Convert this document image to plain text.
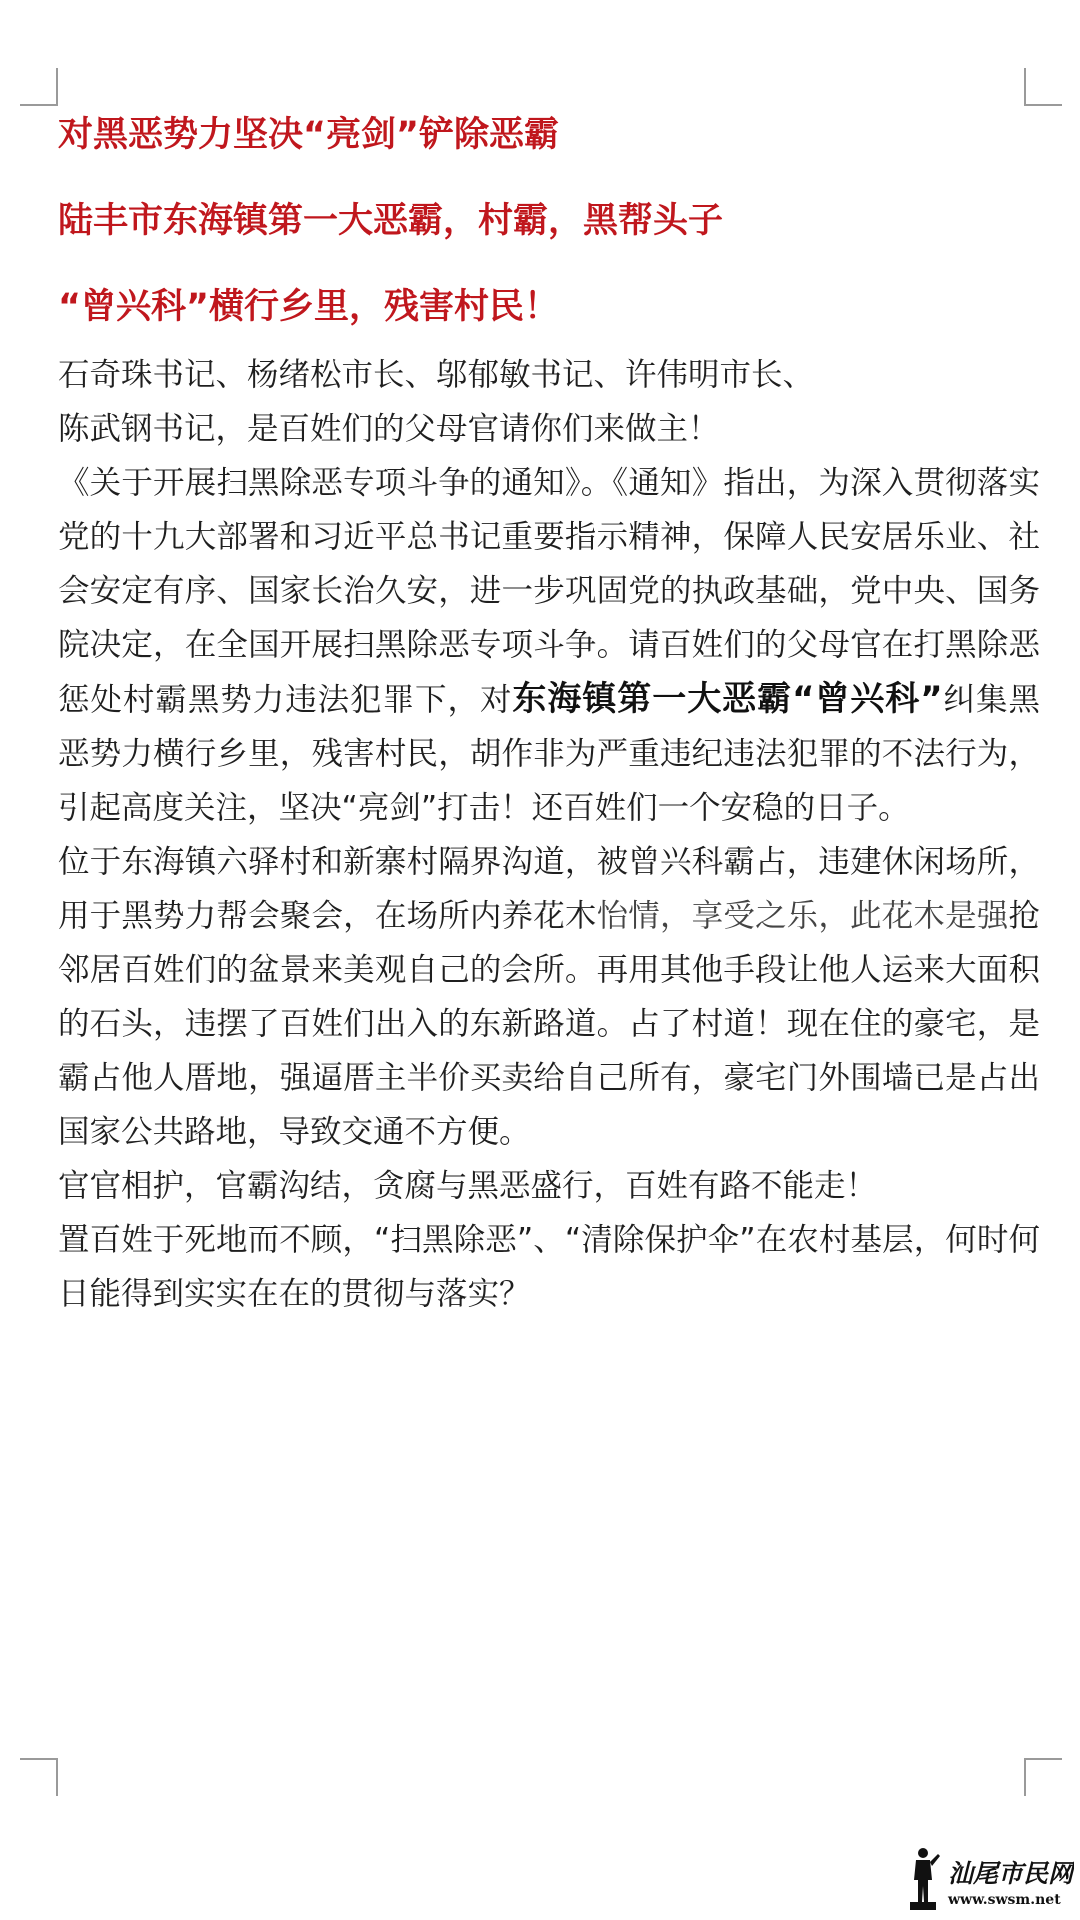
对黑恶势力坚决“亮剑”铲除恶霸
陆丰市东海镇第一大恶霸，村霸，黑帮头子
“曾兴科”横行乡里，残害村民！

石奇珠书记、杨绪松市长、邬郁敏书记、许伟明市长、

陈武钢书记，是百姓们的父母官请你们来做主！

《关于开展扫黑除恶专项斗争的通知》。《通知》指出，为深入贯彻落实党的十九大部署和习近平总书记重要指示精神，保障人民安居乐业、社会安定有序、国家长治久安，进一步巩固党的执政基础，党中央、国务院决定，在全国开展扫黑除恶专项斗争。请百姓们的父母官在打黑除恶惩处村霸黑势力违法犯罪下，对东海镇第一大恶霸“曾兴科”纠集黑恶势力横行乡里，残害村民，胡作非为严重违纪违法犯罪的不法行为，引起高度关注，坚决“亮剑”打击！还百姓们一个安稳的日子。

位于东海镇六驿村和新寨村隔界沟道，被曾兴科霸占，违建休闲场所，用于黑势力帮会聚会，在场所内养花木怡情，享受之乐，此花木是强抢邻居百姓们的盆景来美观自己的会所。再用其他手段让他人运来大面积的石头，违摆了百姓们出入的东新路道。占了村道！现在住的豪宅，是霸占他人厝地，强逼厝主半价买卖给自己所有，豪宅门外围墙已是占出国家公共路地，导致交通不方便。

官官相护，官霸沟结，贪腐与黑恶盛行，百姓有路不能走！

置百姓于死地而不顾，“扫黑除恶”、“清除保护伞”在农村基层，何时何日能得到实实在在的贯彻与落实？

汕尾市民网
www.swsm.net
